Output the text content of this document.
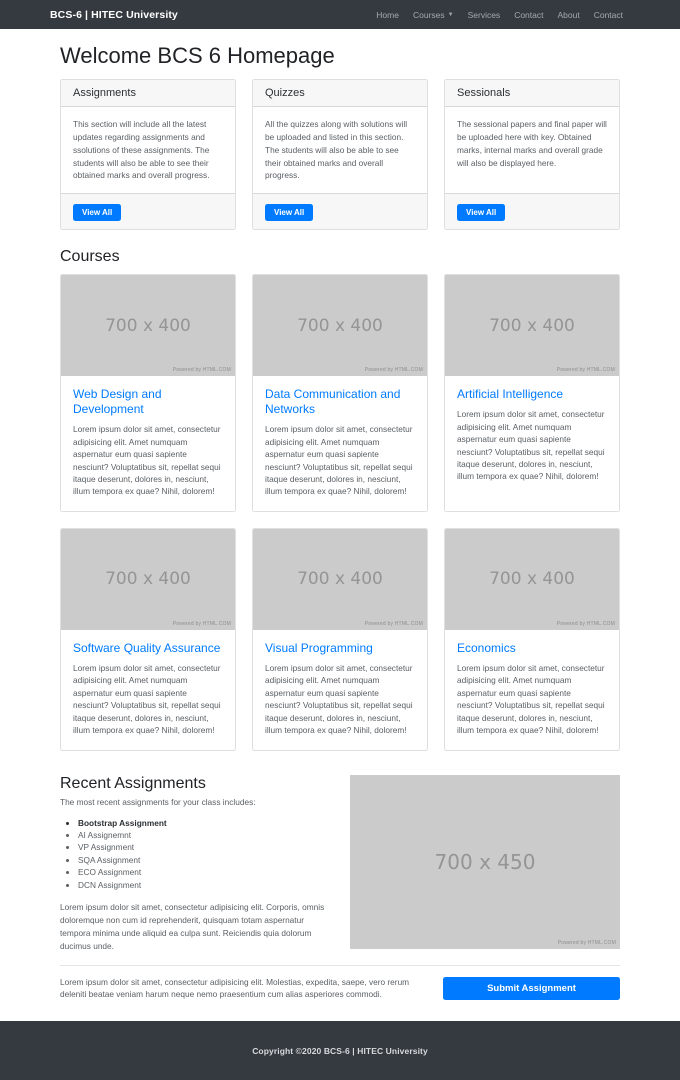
BCS-6 | HITEC University	Home Courses ▼ Services Contact About Contact
Welcome BCS 6 Homepage
Assignments
This section will include all the latest updates regarding assignments and ssolutions of these assignments. The students will also be able to see their obtained marks and overall progress.
View All
Quizzes
All the quizzes along with solutions will be uploaded and listed in this section. The students will also be able to see their obtained marks and overall progress.
View All
Sessionals
The sessional papers and final paper will be uploaded here with key. Obtained marks, internal marks and overall grade will also be displayed here.
View All
Courses
700 x 400
Powered by HTML.COM
Web Design and Development
Lorem ipsum dolor sit amet, consectetur adipisicing elit. Amet numquam aspernatur eum quasi sapiente nesciunt? Voluptatibus sit, repellat sequi itaque deserunt, dolores in, nesciunt, illum tempora ex quae? Nihil, dolorem!
700 x 400
Powered by HTML.COM
Data Communication and Networks
Lorem ipsum dolor sit amet, consectetur adipisicing elit. Amet numquam aspernatur eum quasi sapiente nesciunt? Voluptatibus sit, repellat sequi itaque deserunt, dolores in, nesciunt, illum tempora ex quae? Nihil, dolorem!
700 x 400
Powered by HTML.COM
Artificial Intelligence
Lorem ipsum dolor sit amet, consectetur adipisicing elit. Amet numquam aspernatur eum quasi sapiente nesciunt? Voluptatibus sit, repellat sequi itaque deserunt, dolores in, nesciunt, illum tempora ex quae? Nihil, dolorem!
700 x 400
Powered by HTML.COM
Software Quality Assurance
Lorem ipsum dolor sit amet, consectetur adipisicing elit. Amet numquam aspernatur eum quasi sapiente nesciunt? Voluptatibus sit, repellat sequi itaque deserunt, dolores in, nesciunt, illum tempora ex quae? Nihil, dolorem!
700 x 400
Powered by HTML.COM
Visual Programming
Lorem ipsum dolor sit amet, consectetur adipisicing elit. Amet numquam aspernatur eum quasi sapiente nesciunt? Voluptatibus sit, repellat sequi itaque deserunt, dolores in, nesciunt, illum tempora ex quae? Nihil, dolorem!
700 x 400
Powered by HTML.COM
Economics
Lorem ipsum dolor sit amet, consectetur adipisicing elit. Amet numquam aspernatur eum quasi sapiente nesciunt? Voluptatibus sit, repellat sequi itaque deserunt, dolores in, nesciunt, illum tempora ex quae? Nihil, dolorem!
Recent Assignments

The most recent assignments for your class includes:

• Bootstrap Assignment
• AI Assignemnt
• VP Assignment
• SQA Assignment
• ECO Assignment
• DCN Assignment

Lorem ipsum dolor sit amet, consectetur adipisicing elit. Corporis, omnis doloremque non cum id reprehenderit, quisquam totam aspernatur tempora minima unde aliquid ea culpa sunt. Reiciendis quia dolorum ducimus unde.

700 x 450
Powered by HTML.COM

Lorem ipsum dolor sit amet, consectetur adipisicing elit. Molestias, expedita, saepe, vero rerum deleniti beatae veniam harum neque nemo praesentium cum alias asperiores commodi.

Submit Assignment
Copyright ©2020 BCS-6 | HITEC University
